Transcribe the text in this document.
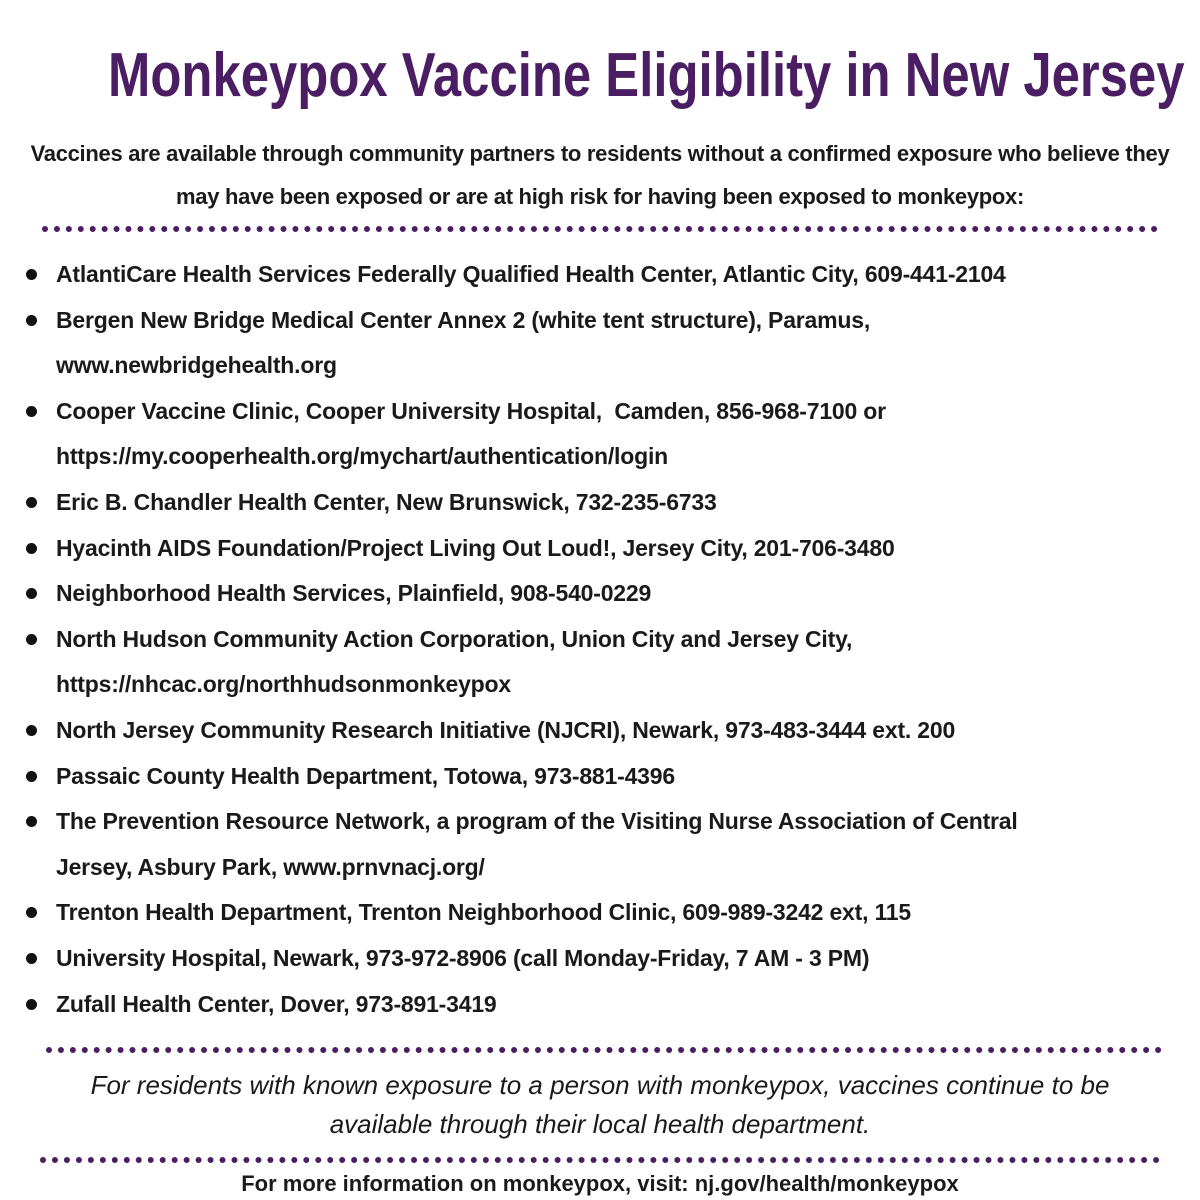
Monkeypox Vaccine Eligibility in New Jersey
Vaccines are available through community partners to residents without a confirmed exposure who believe they may have been exposed or are at high risk for having been exposed to monkeypox:
AtlantiCare Health Services Federally Qualified Health Center, Atlantic City, 609-441-2104
Bergen New Bridge Medical Center Annex 2 (white tent structure), Paramus,
www.newbridgehealth.org
Cooper Vaccine Clinic, Cooper University Hospital,  Camden, 856-968-7100 or
https://my.cooperhealth.org/mychart/authentication/login
Eric B. Chandler Health Center, New Brunswick, 732-235-6733
Hyacinth AIDS Foundation/Project Living Out Loud!, Jersey City, 201-706-3480
Neighborhood Health Services, Plainfield, 908-540-0229
North Hudson Community Action Corporation, Union City and Jersey City,
https://nhcac.org/northhudsonmonkeypox
North Jersey Community Research Initiative (NJCRI), Newark, 973-483-3444 ext. 200
Passaic County Health Department, Totowa, 973-881-4396
The Prevention Resource Network, a program of the Visiting Nurse Association of Central
Jersey, Asbury Park, www.prnvnacj.org/
Trenton Health Department, Trenton Neighborhood Clinic, 609-989-3242 ext, 115
University Hospital, Newark, 973-972-8906 (call Monday-Friday, 7 AM - 3 PM)
Zufall Health Center, Dover, 973-891-3419
For residents with known exposure to a person with monkeypox, vaccines continue to be available through their local health department.
For more information on monkeypox, visit: nj.gov/health/monkeypox
